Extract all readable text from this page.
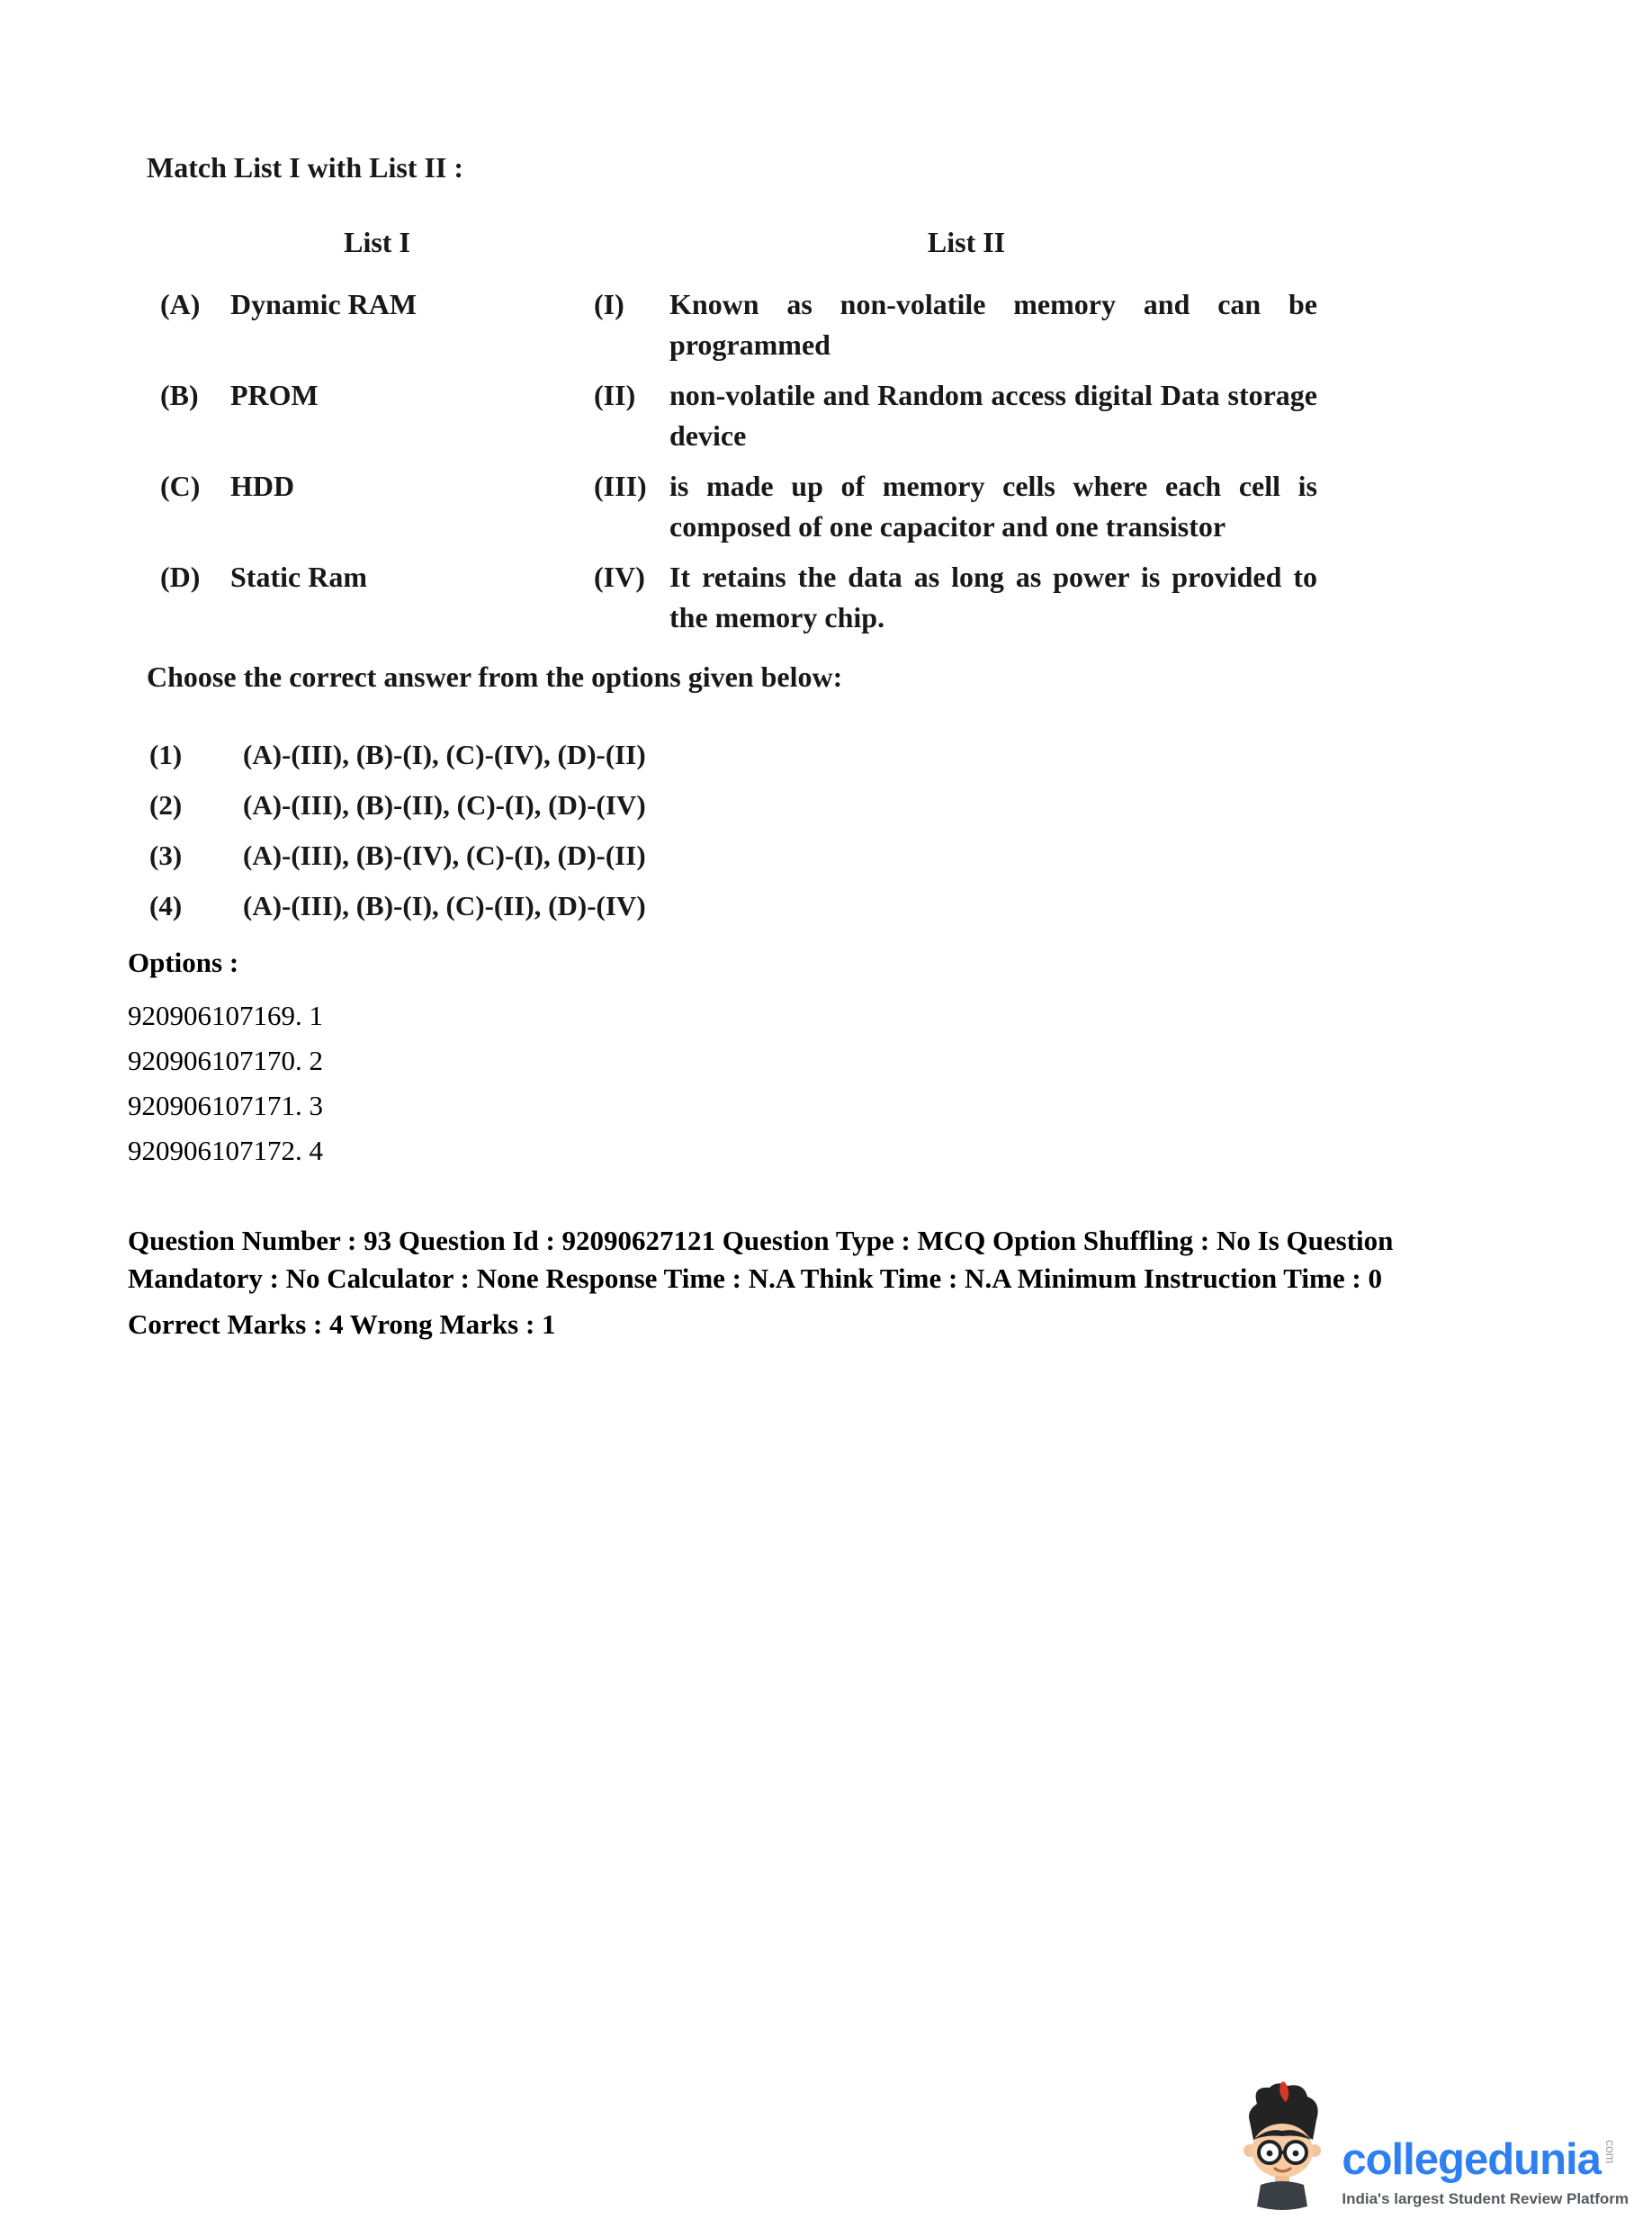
Match List I with List II :

List I	List II
(A)	Dynamic RAM	(I)	Known as non-volatile memory and can be programmed
(B)	PROM	(II)	non-volatile and Random access digital Data storage device
(C)	HDD	(III) is made up of memory cells where each cell is composed of one capacitor and one transistor
(D)	Static Ram	(IV) It retains the data as long as power is provided to the memory chip.

Choose the correct answer from the options given below:

(1)	(A)-(III), (B)-(I), (C)-(IV), (D)-(II)
(2)	(A)-(III), (B)-(II), (C)-(I), (D)-(IV)
(3)	(A)-(III), (B)-(IV), (C)-(I), (D)-(II)
(4)	(A)-(III), (B)-(I), (C)-(II), (D)-(IV)
Options :
920906107169. 1
920906107170. 2
920906107171. 3
920906107172. 4

Question Number : 93 Question Id : 92090627121 Question Type : MCQ Option Shuffling : No Is Question Mandatory : No Calculator : None Response Time : N.A Think Time : N.A Minimum Instruction Time : 0

Correct Marks : 4 Wrong Marks : 1

collegedunia com
India's largest Student Review Platform
